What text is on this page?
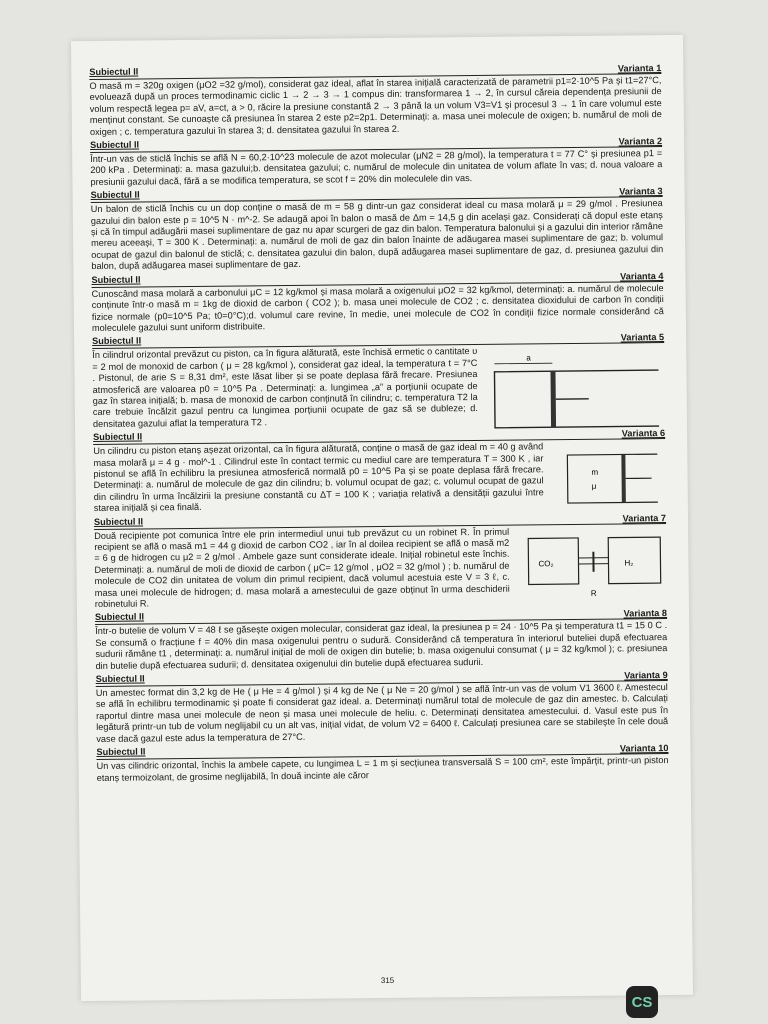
Subiectul II	Varianta 1

O masă m = 320g oxigen (μO2 =32 g/mol), considerat gaz ideal, aflat în starea inițială caracterizată de parametrii p1=2·10^5 Pa și t1=27°C, evoluează după un proces termodinamic ciclic 1 → 2 → 3 → 1 compus din: transformarea 1 → 2, în cursul căreia dependența presiunii de volum respectă legea p= aV, a=ct, a > 0, răcire la presiune constantă 2 → 3 până la un volum V3=V1 și procesul 3 → 1 în care volumul este menținut constant. Se cunoaște că presiunea în starea 2 este p2=2p1. Determinați: a. masa unei molecule de oxigen; b. numărul de moli de oxigen ; c. temperatura gazului în starea 3; d. densitatea gazului în starea 2.

Subiectul II	Varianta 2

Într-un vas de sticlă închis se află N = 60,2·10^23 molecule de azot molecular (μN2 = 28 g/mol), la temperatura t = 77 C° și presiunea p1 = 200 kPa . Determinați: a. masa gazului;b. densitatea gazului; c. numărul de molecule din unitatea de volum aflate în vas; d. noua valoare a presiunii gazului dacă, fără a se modifica temperatura, se scot f = 20% din moleculele din vas.

Subiectul II	Varianta 3

Un balon de sticlă închis cu un dop conține o masă de m = 58 g dintr-un gaz considerat ideal cu masa molară μ = 29 g/mol . Presiunea gazului din balon este p = 10^5 N · m^-2. Se adaugă apoi în balon o masă de Δm = 14,5 g din același gaz. Considerați că dopul este etanș și că în timpul adăugării masei suplimentare de gaz nu apar scurgeri de gaz din balon. Temperatura balonului și a gazului din interior rămâne mereu aceeași, T = 300 K . Determinați: a. numărul de moli de gaz din balon înainte de adăugarea masei suplimentare de gaz; b. volumul ocupat de gazul din balonul de sticlă; c. densitatea gazului din balon, după adăugarea masei suplimentare de gaz, d. presiunea gazului din balon, după adăugarea masei suplimentare de gaz.

Subiectul II	Varianta 4

Cunoscând masa molară a carbonului μC = 12 kg/kmol și masa molară a oxigenului μO2 = 32 kg/kmol, determinați: a. numărul de molecule conținute într-o masă m = 1kg de dioxid de carbon ( CO2 ); b. masa unei molecule de CO2 ; c. densitatea dioxidului de carbon în condiții fizice normale (p0=10^5 Pa; t0=0°C);d. volumul care revine, în medie, unei molecule de CO2 în condiții fizice normale considerând că moleculele gazului sunt uniform distribuite.

Subiectul II	Varianta 5

În cilindrul orizontal prevăzut cu piston, ca în figura alăturată, este închisă ermetic o cantitate υ = 2 mol de monoxid de carbon ( μ = 28 kg/kmol ), considerat gaz ideal, la temperatura t = 7°C . Pistonul, de arie S = 8,31 dm², este lăsat liber și se poate deplasa fără frecare. Presiunea atmosferică are valoarea p0 = 10^5 Pa . Determinați: a. lungimea „a” a porțiunii ocupate de gaz în starea inițială; b. masa de monoxid de carbon conținută în cilindru; c. temperatura T2 la care trebuie încălzit gazul pentru ca lungimea porțiunii ocupate de gaz să se dubleze; d. densitatea gazului aflat la temperatura T2 .

a
Subiectul II	Varianta 6

Un cilindru cu piston etanș așezat orizontal, ca în figura alăturată, conține o masă de gaz ideal m = 40 g având masa molară μ = 4 g · mol^-1 . Cilindrul este în contact termic cu mediul care are temperatura T = 300 K , iar pistonul se află în echilibru la presiunea atmosferică normală p0 = 10^5 Pa și se poate deplasa fără frecare. Determinați: a. numărul de molecule de gaz din cilindru; b. volumul ocupat de gaz; c. volumul ocupat de gazul din cilindru în urma încălzirii la presiune constantă cu ΔT = 100 K ; variația relativă a densității gazului între starea inițială și cea finală.

m
μ
Subiectul II	Varianta 7

Două recipiente pot comunica între ele prin intermediul unui tub prevăzut cu un robinet R. În primul recipient se află o masă m1 = 44 g dioxid de carbon CO2 , iar în al doilea recipient se află o masă m2 = 6 g de hidrogen cu μ2 = 2 g/mol . Ambele gaze sunt considerate ideale. Inițial robinetul este închis. Determinați: a. numărul de moli de dioxid de carbon ( μC= 12 g/mol , μO2 = 32 g/mol ) ; b. numărul de molecule de CO2 din unitatea de volum din primul recipient, dacă volumul acestuia este V = 3 ℓ, c. masa unei molecule de hidrogen; d. masa molară a amestecului de gaze obținut în urma deschiderii robinetului R.

CO₂	H₂
R
Subiectul II	Varianta 8

Într-o butelie de volum V = 48 ℓ se găsește oxigen molecular, considerat gaz ideal, la presiunea p = 24 · 10^5 Pa și temperatura t1 = 15 0 C . Se consumă o fracțiune f = 40% din masa oxigenului pentru o sudură. Considerând că temperatura în interiorul buteliei după efectuarea sudurii rămâne t1 , determinați: a. numărul inițial de moli de oxigen din butelie; b. masa oxigenului consumat ( μ = 32 kg/kmol ); c. presiunea din butelie după efectuarea sudurii; d. densitatea oxigenului din butelie după efectuarea sudurii.

Subiectul II	Varianta 9

Un amestec format din 3,2 kg de He ( μ He = 4 g/mol ) și 4 kg de Ne ( μ Ne = 20 g/mol ) se află într-un vas de volum V1 3600 ℓ. Amestecul se află în echilibru termodinamic și poate fi considerat gaz ideal. a. Determinați numărul total de molecule de gaz din amestec. b. Calculați raportul dintre masa unei molecule de neon și masa unei molecule de heliu. c. Determinați densitatea amestecului. d. Vasul este pus în legătură printr-un tub de volum neglijabil cu un alt vas, inițial vidat, de volum V2 = 6400 ℓ. Calculați presiunea care se stabilește în cele două vase dacă gazul este adus la temperatura de 27°C.

Subiectul II	Varianta 10

Un vas cilindric orizontal, închis la ambele capete, cu lungimea L = 1 m și secțiunea transversală S = 100 cm², este împărțit, printr-un piston etanș termoizolant, de grosime neglijabilă, în două incinte ale căror

315
CS
